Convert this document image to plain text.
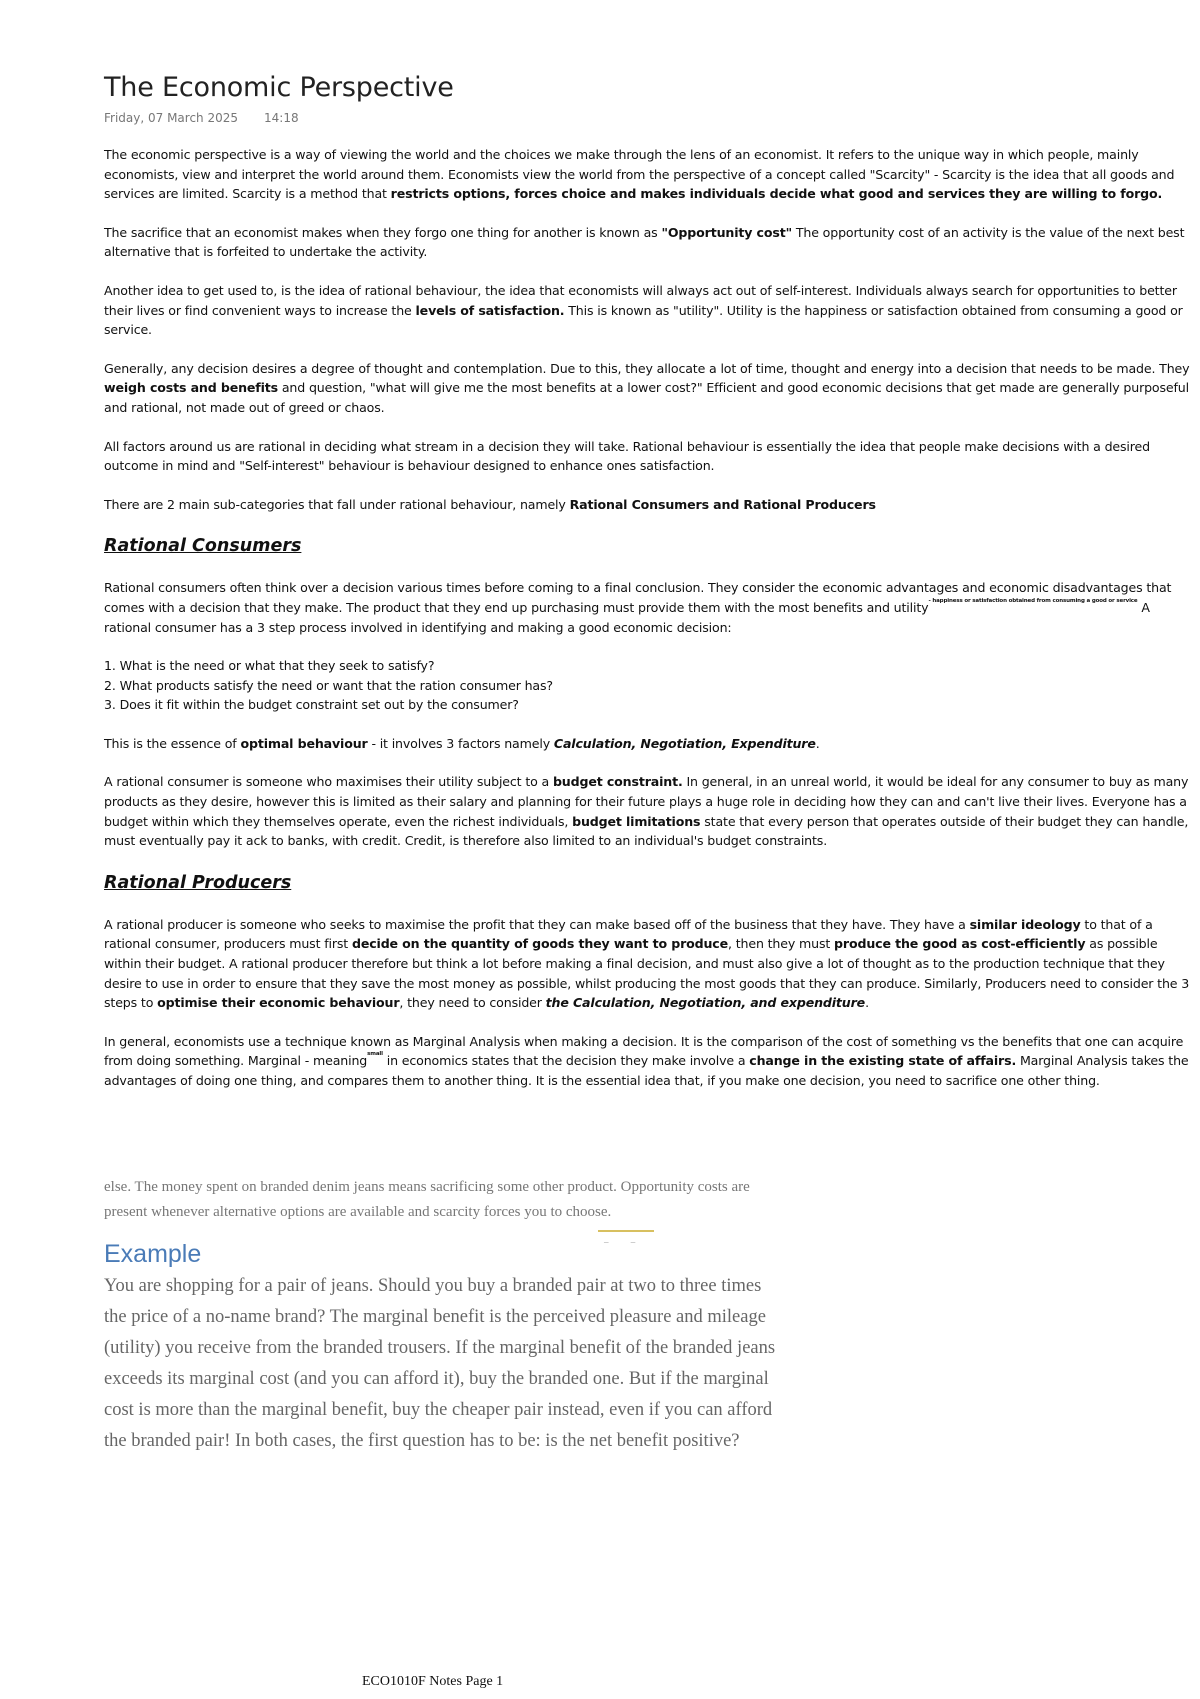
The Economic Perspective
Friday, 07 March 2025 14:18

The economic perspective is a way of viewing the world and the choices we make through the lens of an economist. It refers to the unique way in which people, mainly economists, view and interpret the world around them. Economists view the world from the perspective of a concept called "Scarcity" - Scarcity is the idea that all goods and services are limited. Scarcity is a method that restricts options, forces choice and makes individuals decide what good and services they are willing to forgo.

The sacrifice that an economist makes when they forgo one thing for another is known as "Opportunity cost" The opportunity cost of an activity is the value of the next best alternative that is forfeited to undertake the activity.

Another idea to get used to, is the idea of rational behaviour, the idea that economists will always act out of self-interest. Individuals always search for opportunities to better their lives or find convenient ways to increase the levels of satisfaction. This is known as "utility". Utility is the happiness or satisfaction obtained from consuming a good or service.

Generally, any decision desires a degree of thought and contemplation. Due to this, they allocate a lot of time, thought and energy into a decision that needs to be made. They weigh costs and benefits and question, "what will give me the most benefits at a lower cost?" Efficient and good economic decisions that get made are generally purposeful and rational, not made out of greed or chaos.

All factors around us are rational in deciding what stream in a decision they will take. Rational behaviour is essentially the idea that people make decisions with a desired outcome in mind and "Self-interest" behaviour is behaviour designed to enhance ones satisfaction.

There are 2 main sub-categories that fall under rational behaviour, namely Rational Consumers and Rational Producers

Rational Consumers

Rational consumers often think over a decision various times before coming to a final conclusion. They consider the economic advantages and economic disadvantages that comes with a decision that they make. The product that they end up purchasing must provide them with the most benefits and utility$^{- happiness or satisfaction obtained from consuming a good or service}$ A rational consumer has a 3 step process involved in identifying and making a good economic decision:

1. What is the need or what that they seek to satisfy?
2. What products satisfy the need or want that the ration consumer has?
3. Does it fit within the budget constraint set out by the consumer?

This is the essence of optimal behaviour - it involves 3 factors namely Calculation, Negotiation, Expenditure.

A rational consumer is someone who maximises their utility subject to a budget constraint. In general, in an unreal world, it would be ideal for any consumer to buy as many products as they desire, however this is limited as their salary and planning for their future plays a huge role in deciding how they can and can't live their lives. Everyone has a budget within which they themselves operate, even the richest individuals, budget limitations state that every person that operates outside of their budget they can handle, must eventually pay it ack to banks, with credit. Credit, is therefore also limited to an individual's budget constraints.

Rational Producers

A rational producer is someone who seeks to maximise the profit that they can make based off of the business that they have. They have a similar ideology to that of a rational consumer, producers must first decide on the quantity of goods they want to produce, then they must produce the good as cost-efficiently as possible within their budget. A rational producer therefore but think a lot before making a final decision, and must also give a lot of thought as to the production technique that they desire to use in order to ensure that they save the most money as possible, whilst producing the most goods that they can produce. Similarly, Producers need to consider the 3 steps to optimise their economic behaviour, they need to consider the Calculation, Negotiation, and expenditure.

In general, economists use a technique known as Marginal Analysis when making a decision. It is the comparison of the cost of something vs the benefits that one can acquire from doing something. Marginal - meaning$^{small}$ in economics states that the decision they make involve a change in the existing state of affairs. Marginal Analysis takes the advantages of doing one thing, and compares them to another thing. It is the essential idea that, if you make one decision, you need to sacrifice one other thing.

else. The money spent on branded denim jeans means sacrificing some other product. Opportunity costs are present whenever alternative options are available and scarcity forces you to choose.
– –
Example
You are shopping for a pair of jeans. Should you buy a branded pair at two to three times the price of a no-name brand? The marginal benefit is the perceived pleasure and mileage (utility) you receive from the branded trousers. If the marginal benefit of the branded jeans exceeds its marginal cost (and you can afford it), buy the branded one. But if the marginal cost is more than the marginal benefit, buy the cheaper pair instead, even if you can afford the branded pair! In both cases, the first question has to be: is the net benefit positive?
ECO1010F Notes Page 1
